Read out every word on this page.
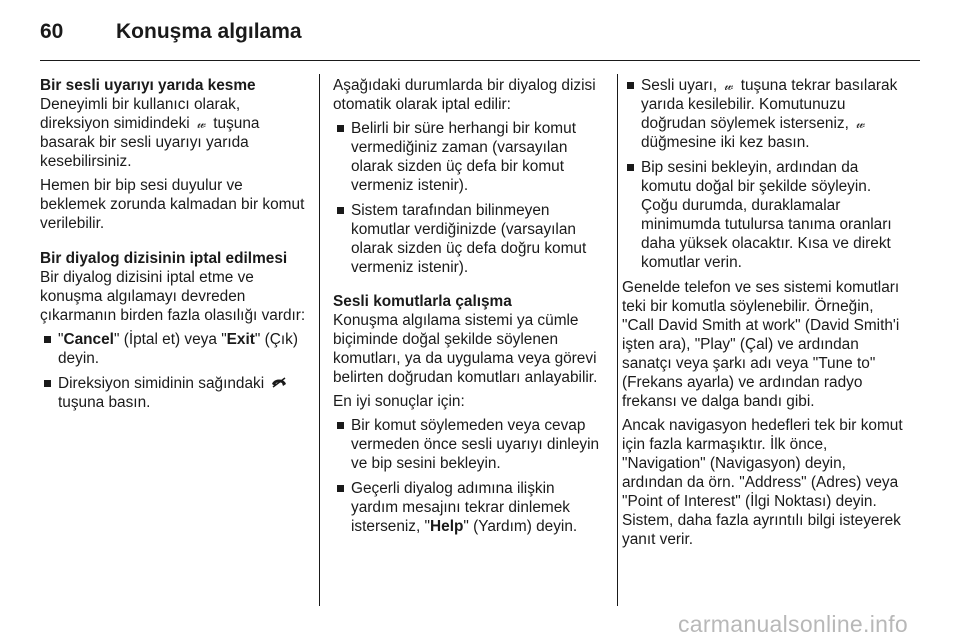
60	Konuşma algılama
Bir sesli uyarıyı yarıda kesme

Deneyimli bir kullanıcı olarak, direksiyon simidindeki 𝓌 tuşuna basarak bir sesli uyarıyı yarıda kesebilirsiniz.

Hemen bir bip sesi duyulur ve beklemek zorunda kalmadan bir komut verilebilir.

Bir diyalog dizisinin iptal edilmesi

Bir diyalog dizisini iptal etme ve konuşma algılamayı devreden çıkarmanın birden fazla olasılığı vardır:

"Cancel" (İptal et) veya "Exit" (Çık) deyin.
Direksiyon simidinin sağındaki  tuşuna basın.

Aşağıdaki durumlarda bir diyalog dizisi otomatik olarak iptal edilir:

Belirli bir süre herhangi bir komut vermediğiniz zaman (varsayılan olarak sizden üç defa bir komut vermeniz istenir).
Sistem tarafından bilinmeyen komutlar verdiğinizde (varsayılan olarak sizden üç defa doğru komut vermeniz istenir).
Sesli komutlarla çalışma

Konuşma algılama sistemi ya cümle biçiminde doğal şekilde söylenen komutları, ya da uygulama veya görevi belirten doğrudan komutları anlayabilir.

En iyi sonuçlar için:

Bir komut söylemeden veya cevap vermeden önce sesli uyarıyı dinleyin ve bip sesini bekleyin.
Geçerli diyalog adımına ilişkin yardım mesajını tekrar dinlemek isterseniz, "Help" (Yardım) deyin.
Sesli uyarı, 𝓌 tuşuna tekrar basılarak yarıda kesilebilir. Komutunuzu doğrudan söylemek isterseniz, 𝓌 düğmesine iki kez basın.
Bip sesini bekleyin, ardından da komutu doğal bir şekilde söyleyin. Çoğu durumda, duraklamalar minimumda tutulursa tanıma oranları daha yüksek olacaktır. Kısa ve direkt komutlar verin.

Genelde telefon ve ses sistemi komutları teki bir komutla söylenebilir. Örneğin, "Call David Smith at work" (David Smith'i işten ara), "Play" (Çal) ve ardından sanatçı veya şarkı adı veya "Tune to" (Frekans ayarla) ve ardından radyo frekansı ve dalga bandı gibi.

Ancak navigasyon hedefleri tek bir komut için fazla karmaşıktır. İlk önce, "Navigation" (Navigasyon) deyin, ardından da örn. "Address" (Adres) veya "Point of Interest" (İlgi Noktası) deyin. Sistem, daha fazla ayrıntılı bilgi isteyerek yanıt verir.

carmanualsonline.info
